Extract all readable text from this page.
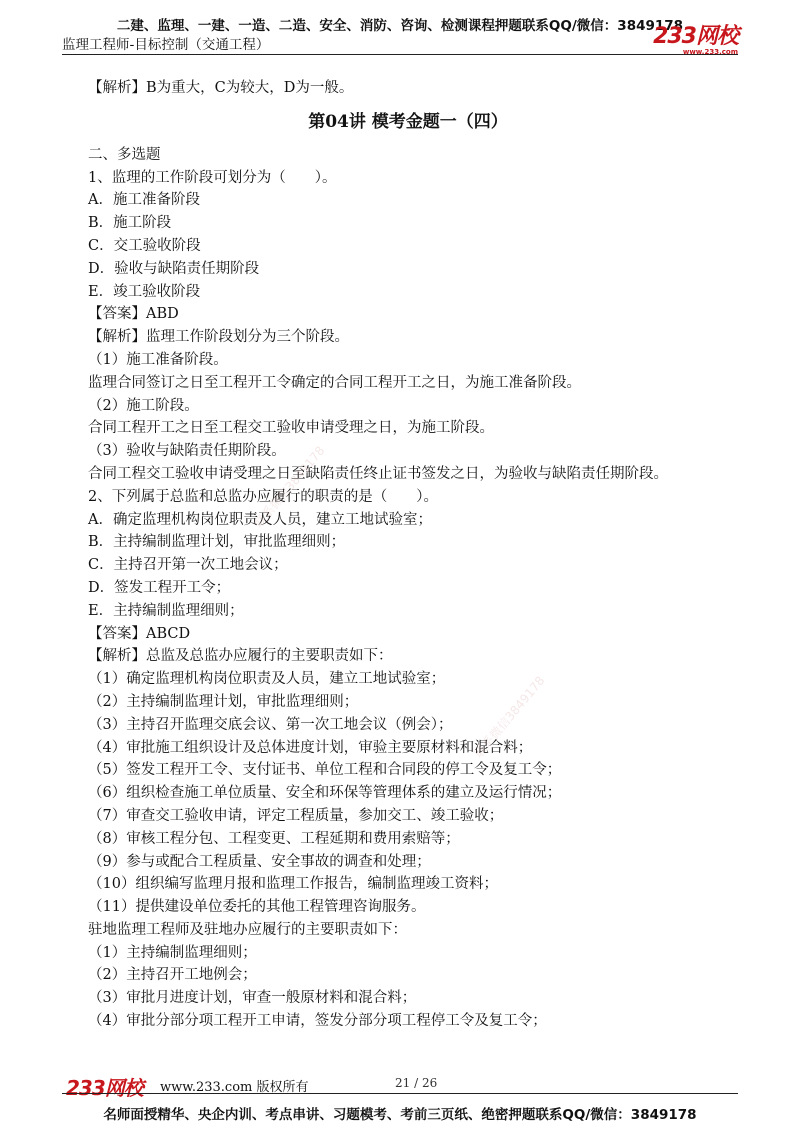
二建、监理、一建、一造、二造、安全、消防、咨询、检测课程押题联系QQ/微信：3849178
监理工程师-目标控制（交通工程）	233网校
www.233.com
【解析】B为重大，C为较大，D为一般。
第04讲 模考金题一（四）
二、多选题
1、监理的工作阶段可划分为（　　）。
A．施工准备阶段
B．施工阶段
C．交工验收阶段
D．验收与缺陷责任期阶段
E．竣工验收阶段
【答案】ABD
【解析】监理工作阶段划分为三个阶段。
（1）施工准备阶段。
监理合同签订之日至工程开工令确定的合同工程开工之日，为施工准备阶段。
（2）施工阶段。
合同工程开工之日至工程交工验收申请受理之日，为施工阶段。
（3）验收与缺陷责任期阶段。
合同工程交工验收申请受理之日至缺陷责任终止证书签发之日，为验收与缺陷责任期阶段。
2、下列属于总监和总监办应履行的职责的是（　　）。
A．确定监理机构岗位职责及人员，建立工地试验室；
B．主持编制监理计划，审批监理细则；
C．主持召开第一次工地会议；
D．签发工程开工令；
E．主持编制监理细则；
【答案】ABCD
【解析】总监及总监办应履行的主要职责如下：
（1）确定监理机构岗位职责及人员，建立工地试验室；
（2）主持编制监理计划，审批监理细则；
（3）主持召开监理交底会议、第一次工地会议（例会）；
（4）审批施工组织设计及总体进度计划，审验主要原材料和混合料；
（5）签发工程开工令、支付证书、单位工程和合同段的停工令及复工令；
（6）组织检查施工单位质量、安全和环保等管理体系的建立及运行情况；
（7）审查交工验收申请，评定工程质量，参加交工、竣工验收；
（8）审核工程分包、工程变更、工程延期和费用索赔等；
（9）参与或配合工程质量、安全事故的调查和处理；
（10）组织编写监理月报和监理工作报告，编制监理竣工资料；
（11）提供建设单位委托的其他工程管理咨询服务。
驻地监理工程师及驻地办应履行的主要职责如下：
（1）主持编制监理细则；
（2）主持召开工地例会；
（3）审批月进度计划，审查一般原材料和混合料；
（4）审批分部分项工程开工申请，签发分部分项工程停工令及复工令；
联系微信3849178
联系微信3849178
233网校 www.233.com 版权所有	21 / 26
名师面授精华、央企内训、考点串讲、习题模考、考前三页纸、绝密押题联系QQ/微信：3849178
